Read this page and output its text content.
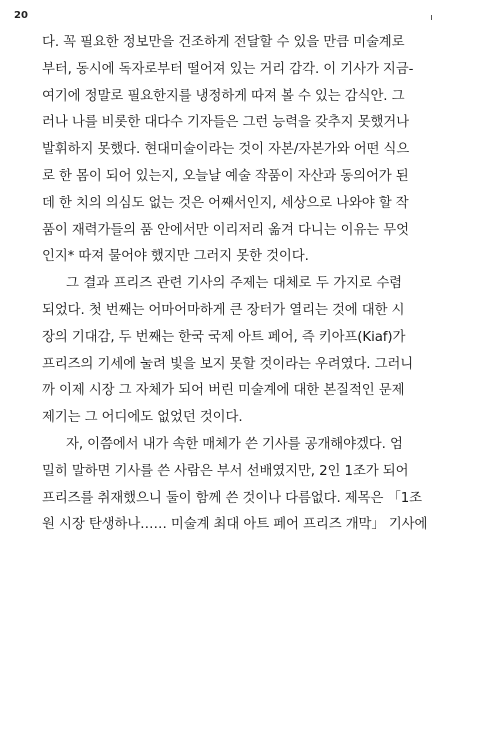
20
다. 꼭 필요한 정보만을 건조하게 전달할 수 있을 만큼 미술계로
부터, 동시에 독자로부터 떨어져 있는 거리 감각. 이 기사가 지금-
여기에 정말로 필요한지를 냉정하게 따져 볼 수 있는 감식안. 그
러나 나를 비롯한 대다수 기자들은 그런 능력을 갖추지 못했거나
발휘하지 못했다. 현대미술이라는 것이 자본/자본가와 어떤 식으
로 한 몸이 되어 있는지, 오늘날 예술 작품이 자산과 동의어가 된
데 한 치의 의심도 없는 것은 어째서인지, 세상으로 나와야 할 작
품이 재력가들의 품 안에서만 이리저리 옮겨 다니는 이유는 무엇
인지* 따져 물어야 했지만 그러지 못한 것이다.
그 결과 프리즈 관련 기사의 주제는 대체로 두 가지로 수렴
되었다. 첫 번째는 어마어마하게 큰 장터가 열리는 것에 대한 시
장의 기대감, 두 번째는 한국 국제 아트 페어, 즉 키아프(Kiaf)가
프리즈의 기세에 눌려 빛을 보지 못할 것이라는 우려였다. 그러니
까 이제 시장 그 자체가 되어 버린 미술계에 대한 본질적인 문제
제기는 그 어디에도 없었던 것이다.
자, 이쯤에서 내가 속한 매체가 쓴 기사를 공개해야겠다. 엄
밀히 말하면 기사를 쓴 사람은 부서 선배였지만, 2인 1조가 되어
프리즈를 취재했으니 둘이 함께 쓴 것이나 다름없다. 제목은 「1조
원 시장 탄생하나…… 미술계 최대 아트 페어 프리즈 개막」 기사에
